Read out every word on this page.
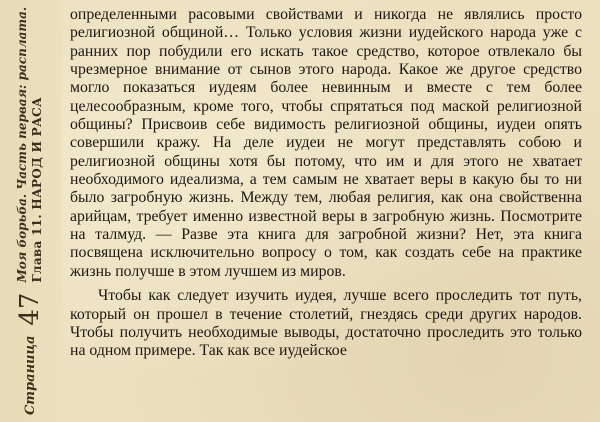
Страница
47
Моя борьба. Часть первая: расплата. Глава 11. НАРОД И РАСА

определенными расовыми свойствами и никогда не являлись просто религиозной общиной… Только условия жизни иудейского народа уже с ранних пор побудили его искать такое средство, которое отвлекало бы чрезмерное внимание от сынов этого народа. Какое же другое средство могло показаться иудеям более невинным и вместе с тем более целесообразным, кроме того, чтобы спрятаться под маской религиозной общины? Присвоив себе видимость религиозной общины, иудеи опять совершили кражу. На деле иудеи не могут представлять собою и религиозной общины хотя бы потому, что им и для этого не хватает необходимого идеализма, а тем самым не хватает веры в какую бы то ни было загробную жизнь. Между тем, любая религия, как она свойственна арийцам, требует именно известной веры в загробную жизнь. Посмотрите на талмуд. — Разве эта книга для загробной жизни? Нет, эта книга посвящена исключительно вопросу о том, как создать себе на практике жизнь получше в этом лучшем из миров.

Чтобы как следует изучить иудея, лучше всего проследить тот путь, который он прошел в течение столетий, гнездясь среди других народов. Чтобы получить необходимые выводы, достаточно проследить это только на одном примере. Так как все иудейское
